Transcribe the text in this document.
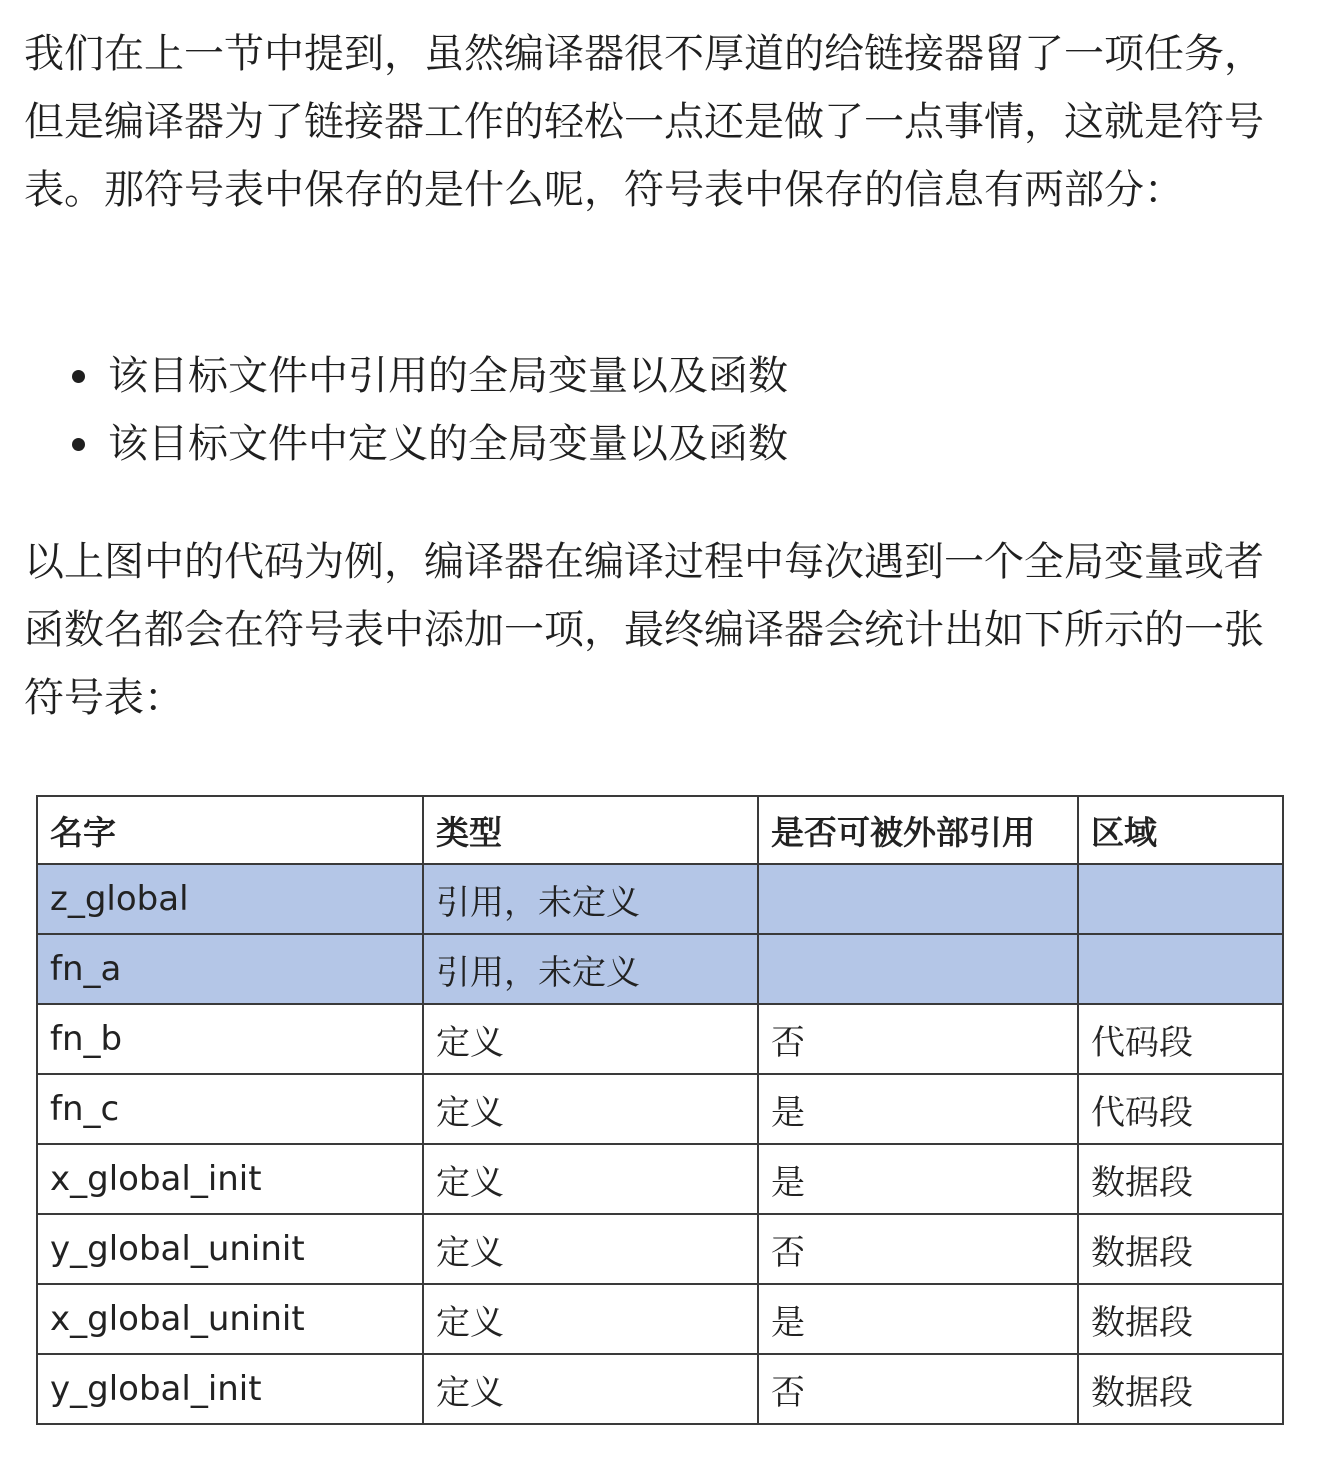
我们在上一节中提到，虽然编译器很不厚道的给链接器留了一项任务，但是编译器为了链接器工作的轻松一点还是做了一点事情，这就是符号表。那符号表中保存的是什么呢，符号表中保存的信息有两部分：

该目标文件中引用的全局变量以及函数
该目标文件中定义的全局变量以及函数

以上图中的代码为例，编译器在编译过程中每次遇到一个全局变量或者函数名都会在符号表中添加一项，最终编译器会统计出如下所示的一张符号表：

名字	类型	是否可被外部引用	区域
z_global	引用，未定义		
fn_a	引用，未定义		
fn_b	定义	否	代码段
fn_c	定义	是	代码段
x_global_init	定义	是	数据段
y_global_uninit	定义	否	数据段
x_global_uninit	定义	是	数据段
y_global_init	定义	否	数据段
